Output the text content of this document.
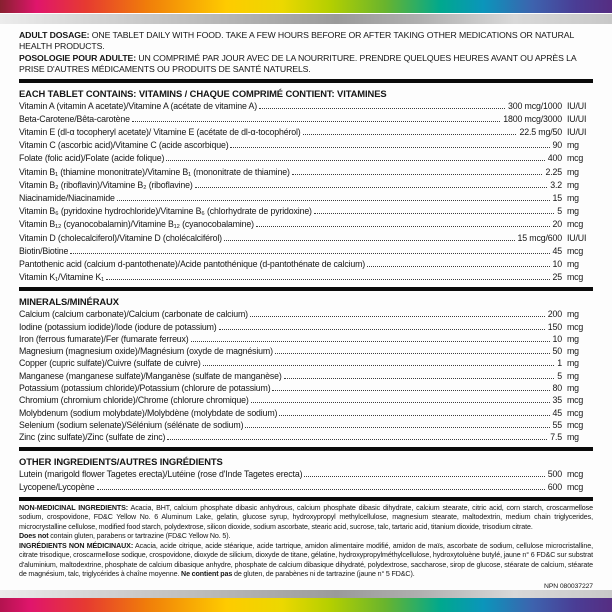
ADULT DOSAGE: ONE TABLET DAILY WITH FOOD. TAKE A FEW HOURS BEFORE OR AFTER TAKING OTHER MEDICATIONS OR NATURAL HEALTH PRODUCTS.
POSOLOGIE POUR ADULTE: UN COMPRIMÉ PAR JOUR AVEC DE LA NOURRITURE. PRENDRE QUELQUES HEURES AVANT OU APRÈS LA PRISE D'AUTRES MÉDICAMENTS OU PRODUITS DE SANTÉ NATURELS.
EACH TABLET CONTAINS: VITAMINS / CHAQUE COMPRIMÉ CONTIENT: VITAMINES
Vitamin A (vitamin A acetate)/Vitamine A (acétate de vitamine A)	300 mcg/1000 IU/UI
Beta-Carotene/Bêta-carotène	1800 mcg/3000 IU/UI
Vitamin E (dl-α tocopheryl acetate)/ Vitamine E (acétate de dl-α-tocophérol)	22.5 mg/50 IU/UI
Vitamin C (ascorbic acid)/Vitamine C (acide ascorbique)	90 mg
Folate (folic acid)/Folate (acide folique)	400 mcg
Vitamin B₁ (thiamine mononitrate)/Vitamine B₁ (mononitrate de thiamine)	2.25 mg
Vitamin B₂ (riboflavin)/Vitamine B₂ (riboflavine)	3.2 mg
Niacinamide/Niacinamide	15 mg
Vitamin B₆ (pyridoxine hydrochloride)/Vitamine B₆ (chlorhydrate de pyridoxine)	5 mg
Vitamin B₁₂ (cyanocobalamin)/Vitamine B₁₂ (cyanocobalamine)	20 mcg
Vitamin D (cholecalciferol)/Vitamine D (cholécalciférol)	15 mcg/600 IU/UI
Biotin/Biotine	45 mcg
Pantothenic acid (calcium d-pantothenate)/Acide pantothénique (d-pantothénate de calcium)	10 mg
Vitamin K₁/Vitamine K₁	25 mcg
MINERALS/MINÉRAUX
Calcium (calcium carbonate)/Calcium (carbonate de calcium)	200 mg
Iodine (potassium iodide)/Iode (iodure de potassium)	150 mcg
Iron (ferrous fumarate)/Fer (fumarate ferreux)	10 mg
Magnesium (magnesium oxide)/Magnésium (oxyde de magnésium)	50 mg
Copper (cupric sulfate)/Cuivre (sulfate de cuivre)	1 mg
Manganese (manganese sulfate)/Manganèse (sulfate de manganèse)	5 mg
Potassium (potassium chloride)/Potassium (chlorure de potassium)	80 mg
Chromium (chromium chloride)/Chrome (chlorure chromique)	35 mcg
Molybdenum (sodium molybdate)/Molybdène (molybdate de sodium)	45 mcg
Selenium (sodium selenate)/Sélénium (sélénate de sodium)	55 mcg
Zinc (zinc sulfate)/Zinc (sulfate de zinc)	7.5 mg
OTHER INGREDIENTS/AUTRES INGRÉDIENTS
Lutein (marigold flower Tagetes erecta)/Lutéine (rose d'Inde Tagetes erecta)	500 mcg
Lycopene/Lycopène	600 mcg
NON-MEDICINAL INGREDIENTS: Acacia, BHT, calcium phosphate dibasic anhydrous, calcium phosphate dibasic dihydrate, calcium stearate, citric acid, corn starch, croscarmellose sodium, crospovidone, FD&C Yellow No. 6 Aluminum Lake, gelatin, glucose syrup, hydroxypropyl methylcellulose, magnesium stearate, maltodextrin, medium chain triglycerides, microcrystalline cellulose, modified food starch, polydextrose, silicon dioxide, sodium ascorbate, stearic acid, sucrose, talc, tartaric acid, titanium dioxide, trisodium citrate.
Does not contain gluten, parabens or tartrazine (FD&C Yellow No. 5).
INGRÉDIENTS NON MÉDICINAUX: Acacia, acide citrique, acide stéarique, acide tartrique, amidon alimentaire modifié, amidon de maïs, ascorbate de sodium, cellulose microcristalline, citrate trisodique, croscarmellose sodique, crospovidone, dioxyde de silicium, dioxyde de titane, gélatine, hydroxypropylméthylcellulose, hydroxytoluène butylé, jaune n° 6 FD&C sur substrat d'aluminium, maltodextrine, phosphate de calcium dibasique anhydre, phosphate de calcium dibasique dihydraté, polydextrose, saccharose, sirop de glucose, stéarate de calcium, stéarate de magnésium, talc, triglycérides à chaîne moyenne. Ne contient pas de gluten, de parabènes ni de tartrazine (jaune n° 5 FD&C).
NPN 080037227
